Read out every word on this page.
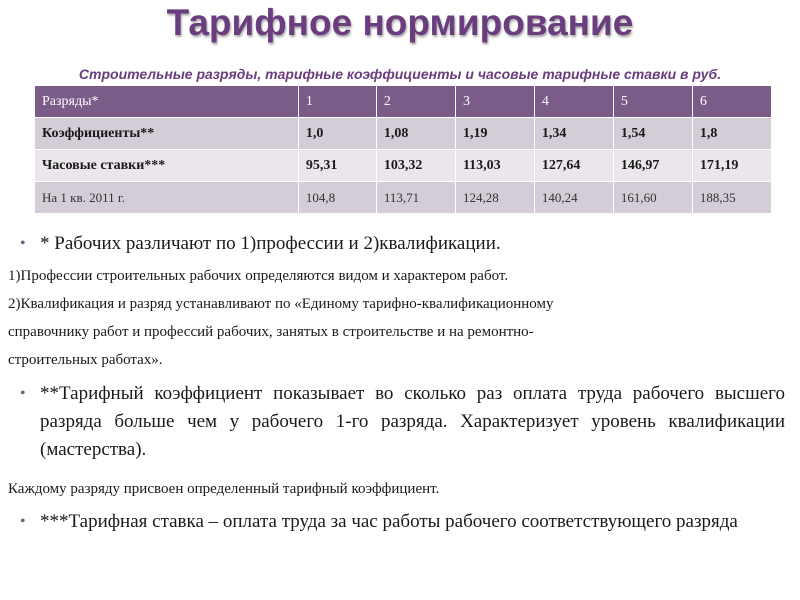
Тарифное нормирование
Строительные разряды, тарифные коэффициенты и часовые тарифные ставки в руб.
Разряды*	1	2	3	4	5	6
Коэффициенты**	1,0	1,08	1,19	1,34	1,54	1,8
Часовые ставки***	95,31	103,32	113,03	127,64	146,97	171,19
На 1 кв. 2011 г.	104,8	113,71	124,28	140,24	161,60	188,35
• * Рабочих различают по 1)профессии и 2)квалификации.
1)Профессии строительных рабочих определяются видом и характером работ.
2)Квалификация и разряд устанавливают по «Единому тарифно-квалификационному
справочнику работ и профессий рабочих, занятых в строительстве и на ремонтно-
строительных работах».
• **Тарифный коэффициент показывает во сколько раз оплата труда рабочего высшего разряда больше чем у рабочего 1-го разряда. Характеризует уровень квалификации (мастерства).
Каждому разряду присвоен определенный тарифный коэффициент.
• ***Тарифная ставка – оплата труда за час работы рабочего соответствующего разряда
